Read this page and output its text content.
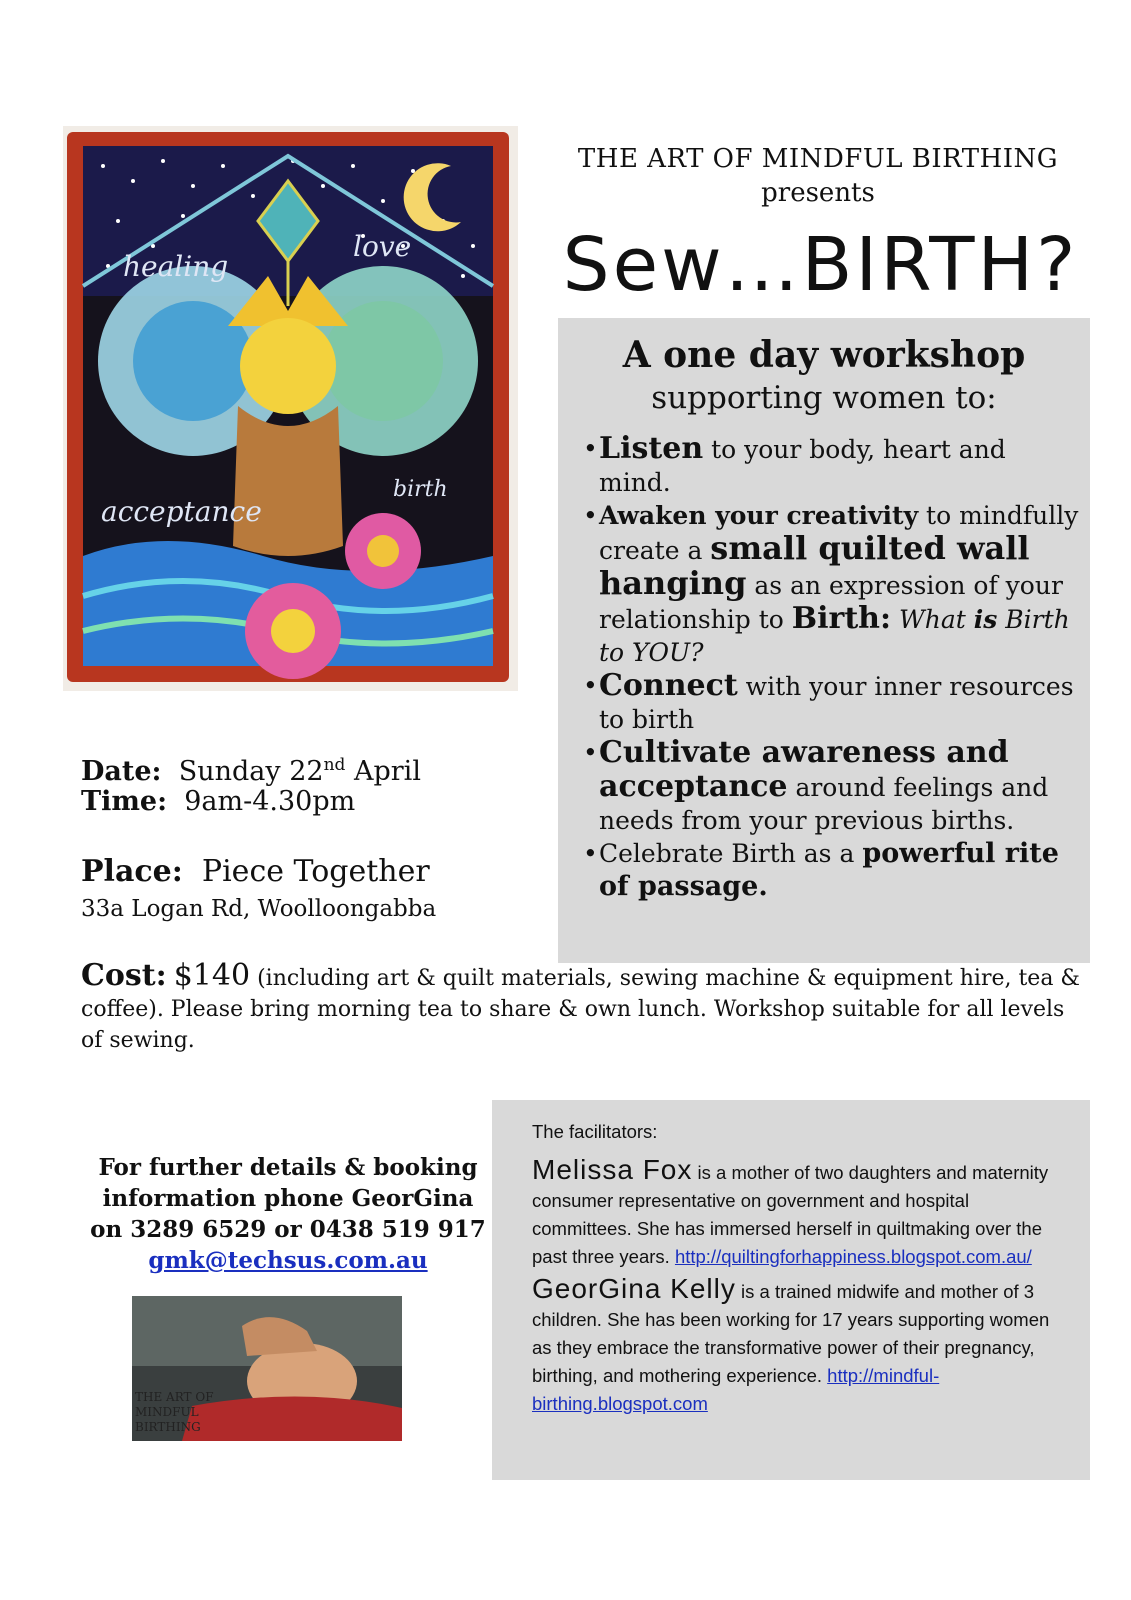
healing
love
acceptance
birth
THE ART OF MINDFUL BIRTHING
presents
Sew…BIRTH?
A one day workshop
supporting women to:
• Listen to your body, heart and mind.
• Awaken your creativity to mindfully create a small quilted wall hanging as an expression of your relationship to Birth: What is Birth to YOU?
• Connect with your inner resources to birth
• Cultivate awareness and acceptance around feelings and needs from your previous births.
• Celebrate Birth as a powerful rite of passage.
Date: Sunday 22nd April
Time: 9am-4.30pm
Place: Piece Together
33a Logan Rd, Woolloongabba
Cost: $140 (including art & quilt materials, sewing machine & equipment hire, tea & coffee). Please bring morning tea to share & own lunch. Workshop suitable for all levels of sewing.
For further details & booking
information phone GeorGina
on 3289 6529 or 0438 519 917
gmk@techsus.com.au
THE ART OF
MINDFUL
BIRTHING

The facilitators:

Melissa Fox is a mother of two daughters and maternity consumer representative on government and hospital committees. She has immersed herself in quiltmaking over the past three years. http://quiltingforhappiness.blogspot.com.au/

GeorGina Kelly is a trained midwife and mother of 3 children. She has been working for 17 years supporting women as they embrace the transformative power of their pregnancy, birthing, and mothering experience. http://mindful-birthing.blogspot.com
